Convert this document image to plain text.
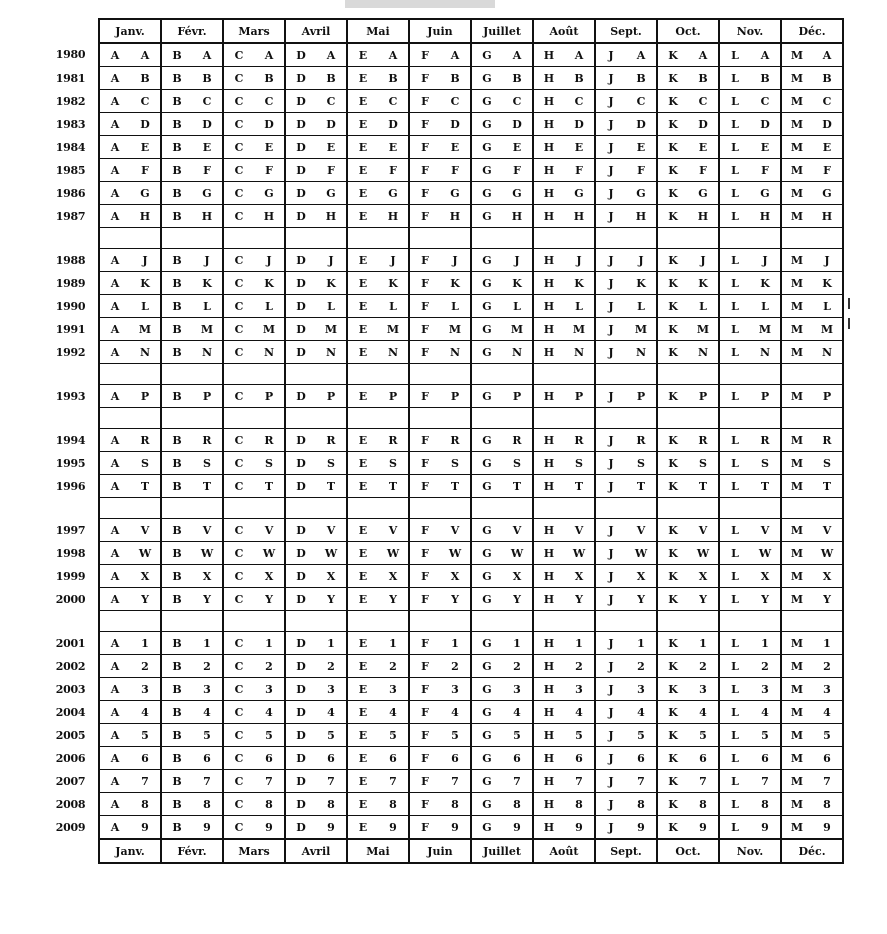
	Janv.		Févr.		Mars		Avril		Mai		Juin		Juillet		Août		Sept.		Oct.		Nov.		Déc.	
1980	A	A	B	A	C	A	D	A	E	A	F	A	G	A	H	A	J	A	K	A	L	A	M	A
1981	A	B	B	B	C	B	D	B	E	B	F	B	G	B	H	B	J	B	K	B	L	B	M	B
1982	A	C	B	C	C	C	D	C	E	C	F	C	G	C	H	C	J	C	K	C	L	C	M	C
1983	A	D	B	D	C	D	D	D	E	D	F	D	G	D	H	D	J	D	K	D	L	D	M	D
1984	A	E	B	E	C	E	D	E	E	E	F	E	G	E	H	E	J	E	K	E	L	E	M	E
1985	A	F	B	F	C	F	D	F	E	F	F	F	G	F	H	F	J	F	K	F	L	F	M	F
1986	A	G	B	G	C	G	D	G	E	G	F	G	G	G	H	G	J	G	K	G	L	G	M	G
1987	A	H	B	H	C	H	D	H	E	H	F	H	G	H	H	H	J	H	K	H	L	H	M	H

1988	A	J	B	J	C	J	D	J	E	J	F	J	G	J	H	J	J	J	K	J	L	J	M	J
1989	A	K	B	K	C	K	D	K	E	K	F	K	G	K	H	K	J	K	K	K	L	K	M	K
1990	A	L	B	L	C	L	D	L	E	L	F	L	G	L	H	L	J	L	K	L	L	L	M	L
1991	A	M	B	M	C	M	D	M	E	M	F	M	G	M	H	M	J	M	K	M	L	M	M	M
1992	A	N	B	N	C	N	D	N	E	N	F	N	G	N	H	N	J	N	K	N	L	N	M	N

1993	A	P	B	P	C	P	D	P	E	P	F	P	G	P	H	P	J	P	K	P	L	P	M	P

1994	A	R	B	R	C	R	D	R	E	R	F	R	G	R	H	R	J	R	K	R	L	R	M	R
1995	A	S	B	S	C	S	D	S	E	S	F	S	G	S	H	S	J	S	K	S	L	S	M	S
1996	A	T	B	T	C	T	D	T	E	T	F	T	G	T	H	T	J	T	K	T	L	T	M	T

1997	A	V	B	V	C	V	D	V	E	V	F	V	G	V	H	V	J	V	K	V	L	V	M	V
1998	A	W	B	W	C	W	D	W	E	W	F	W	G	W	H	W	J	W	K	W	L	W	M	W
1999	A	X	B	X	C	X	D	X	E	X	F	X	G	X	H	X	J	X	K	X	L	X	M	X
2000	A	Y	B	Y	C	Y	D	Y	E	Y	F	Y	G	Y	H	Y	J	Y	K	Y	L	Y	M	Y

2001	A	1	B	1	C	1	D	1	E	1	F	1	G	1	H	1	J	1	K	1	L	1	M	1
2002	A	2	B	2	C	2	D	2	E	2	F	2	G	2	H	2	J	2	K	2	L	2	M	2
2003	A	3	B	3	C	3	D	3	E	3	F	3	G	3	H	3	J	3	K	3	L	3	M	3
2004	A	4	B	4	C	4	D	4	E	4	F	4	G	4	H	4	J	4	K	4	L	4	M	4
2005	A	5	B	5	C	5	D	5	E	5	F	5	G	5	H	5	J	5	K	5	L	5	M	5
2006	A	6	B	6	C	6	D	6	E	6	F	6	G	6	H	6	J	6	K	6	L	6	M	6
2007	A	7	B	7	C	7	D	7	E	7	F	7	G	7	H	7	J	7	K	7	L	7	M	7
2008	A	8	B	8	C	8	D	8	E	8	F	8	G	8	H	8	J	8	K	8	L	8	M	8
2009	A	9	B	9	C	9	D	9	E	9	F	9	G	9	H	9	J	9	K	9	L	9	M	9
	Janv.		Févr.		Mars		Avril		Mai		Juin		Juillet		Août		Sept.		Oct.		Nov.		Déc.	
